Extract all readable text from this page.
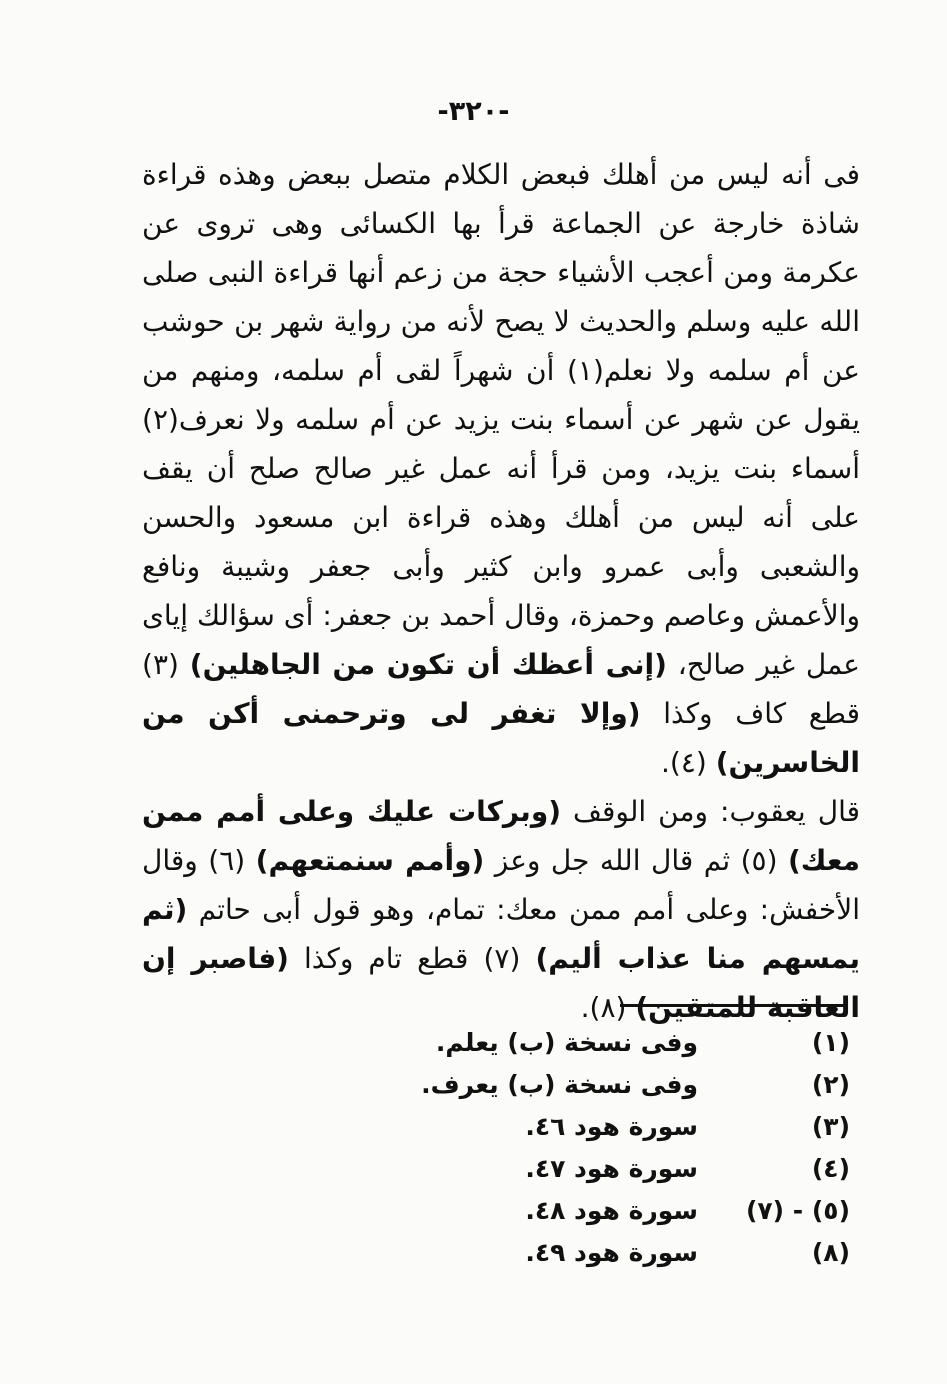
-٣٢٠-

فى أنه ليس من أهلك فبعض الكلام متصل ببعض وهذه قراءة شاذة خارجة عن الجماعة قرأ بها الكسائى وهى تروى عن عكرمة ومن أعجب الأشياء حجة من زعم أنها قراءة النبى صلى الله عليه وسلم والحديث لا يصح لأنه من رواية شهر بن حوشب عن أم سلمه ولا نعلم(١) أن شهراً لقى أم سلمه، ومنهم من يقول عن شهر عن أسماء بنت يزيد عن أم سلمه ولا نعرف(٢) أسماء بنت يزيد، ومن قرأ أنه عمل غير صالح صلح أن يقف على أنه ليس من أهلك وهذه قراءة ابن مسعود والحسن والشعبى وأبى عمرو وابن كثير وأبى جعفر وشيبة ونافع والأعمش وعاصم وحمزة، وقال أحمد بن جعفر: أى سؤالك إياى عمل غير صالح، (إنى أعظك أن تكون من الجاهلين) (٣) قطع كاف وكذا (وإلا تغفر لى وترحمنى أكن من الخاسرين) (٤).

قال يعقوب: ومن الوقف (وبركات عليك وعلى أمم ممن معك) (٥) ثم قال الله جل وعز (وأمم سنمتعهم) (٦) وقال الأخفش: وعلى أمم ممن معك: تمام، وهو قول أبى حاتم (ثم يمسهم منا عذاب أليم) (٧) قطع تام وكذا (فاصبر إن العاقبة للمتقين) (٨).

(١)
وفى نسخة (ب) يعلم.
(٢)
وفى نسخة (ب) يعرف.
(٣)
سورة هود ٤٦.
(٤)
سورة هود ٤٧.
(٥) - (٧)
سورة هود ٤٨.
(٨)
سورة هود ٤٩.
